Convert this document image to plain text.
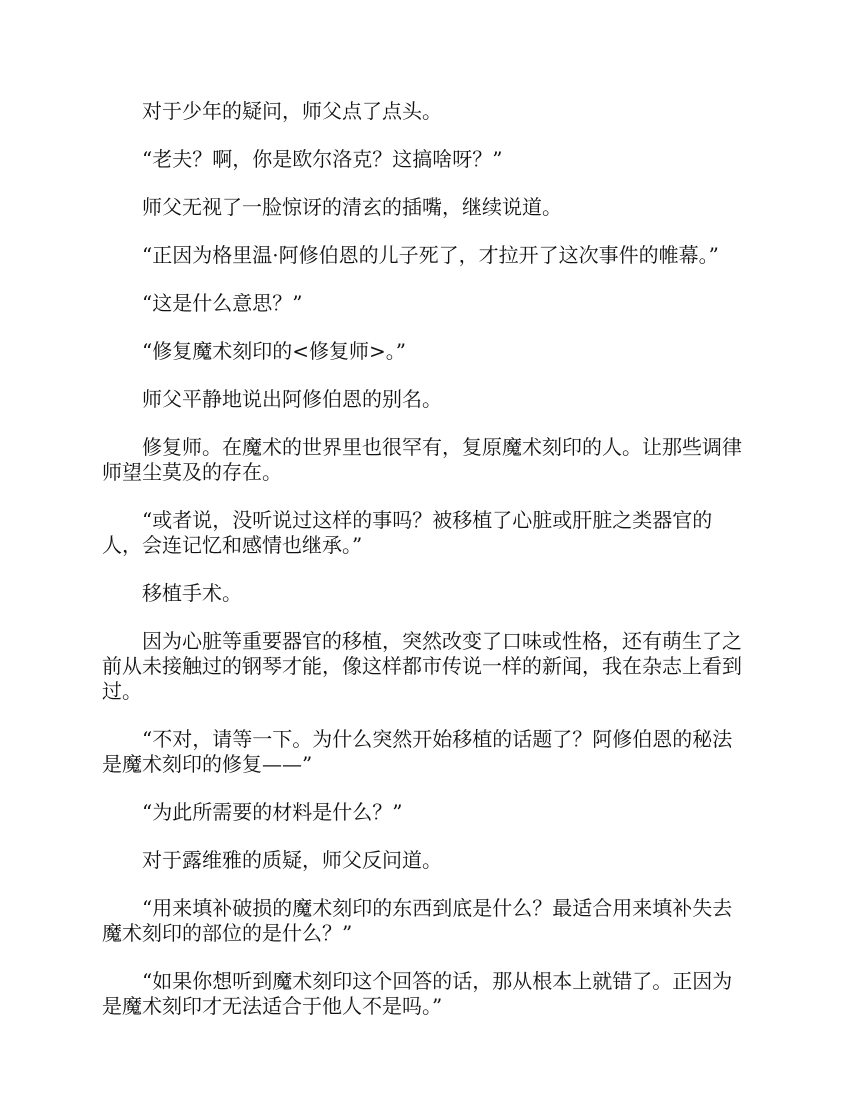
对于少年的疑问，师父点了点头。

“老夫？啊，你是欧尔洛克？这搞啥呀？”

师父无视了一脸惊讶的清玄的插嘴，继续说道。

“正因为格里温·阿修伯恩的儿子死了，才拉开了这次事件的帷幕。”

“这是什么意思？”

“修复魔术刻印的<修复师>。”

师父平静地说出阿修伯恩的别名。

修复师。在魔术的世界里也很罕有，复原魔术刻印的人。让那些调律师望尘莫及的存在。

“或者说，没听说过这样的事吗？被移植了心脏或肝脏之类器官的人，会连记忆和感情也继承。”

移植手术。

因为心脏等重要器官的移植，突然改变了口味或性格，还有萌生了之前从未接触过的钢琴才能，像这样都市传说一样的新闻，我在杂志上看到过。

“不对，请等一下。为什么突然开始移植的话题了？阿修伯恩的秘法是魔术刻印的修复——”

“为此所需要的材料是什么？”

对于露维雅的质疑，师父反问道。

“用来填补破损的魔术刻印的东西到底是什么？最适合用来填补失去魔术刻印的部位的是什么？”

“如果你想听到魔术刻印这个回答的话，那从根本上就错了。正因为是魔术刻印才无法适合于他人不是吗。”
